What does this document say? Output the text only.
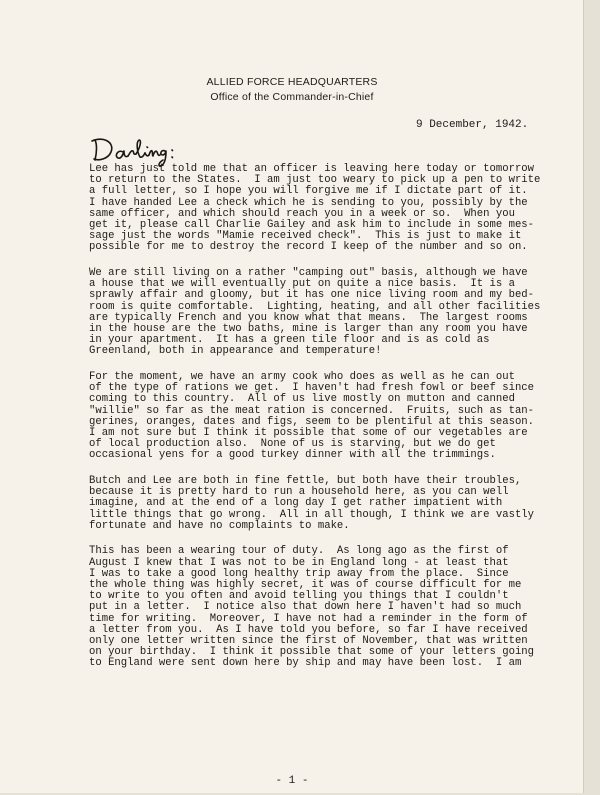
ALLIED FORCE HEADQUARTERS
Office of the Commander-in-Chief
9 December, 1942.
Lee has just told me that an officer is leaving here today or tomorrow
to return to the States.  I am just too weary to pick up a pen to write
a full letter, so I hope you will forgive me if I dictate part of it.
I have handed Lee a check which he is sending to you, possibly by the
same officer, and which should reach you in a week or so.  When you
get it, please call Charlie Gailey and ask him to include in some mes-
sage just the words "Mamie received check".  This is just to make it
possible for me to destroy the record I keep of the number and so on.
We are still living on a rather "camping out" basis, although we have
a house that we will eventually put on quite a nice basis.  It is a
sprawly affair and gloomy, but it has one nice living room and my bed-
room is quite comfortable.  Lighting, heating, and all other facilities
are typically French and you know what that means.  The largest rooms
in the house are the two baths, mine is larger than any room you have
in your apartment.  It has a green tile floor and is as cold as
Greenland, both in appearance and temperature!
For the moment, we have an army cook who does as well as he can out
of the type of rations we get.  I haven't had fresh fowl or beef since
coming to this country.  All of us live mostly on mutton and canned
"willie" so far as the meat ration is concerned.  Fruits, such as tan-
gerines, oranges, dates and figs, seem to be plentiful at this season.
I am not sure but I think it possible that some of our vegetables are
of local production also.  None of us is starving, but we do get
occasional yens for a good turkey dinner with all the trimmings.
Butch and Lee are both in fine fettle, but both have their troubles,
because it is pretty hard to run a household here, as you can well
imagine, and at the end of a long day I get rather impatient with
little things that go wrong.  All in all though, I think we are vastly
fortunate and have no complaints to make.
This has been a wearing tour of duty.  As long ago as the first of
August I knew that I was not to be in England long - at least that
I was to take a good long healthy trip away from the place.  Since
the whole thing was highly secret, it was of course difficult for me
to write to you often and avoid telling you things that I couldn't
put in a letter.  I notice also that down here I haven't had so much
time for writing.  Moreover, I have not had a reminder in the form of
a letter from you.  As I have told you before, so far I have received
only one letter written since the first of November, that was written
on your birthday.  I think it possible that some of your letters going
to England were sent down here by ship and may have been lost.  I am
- 1 -
